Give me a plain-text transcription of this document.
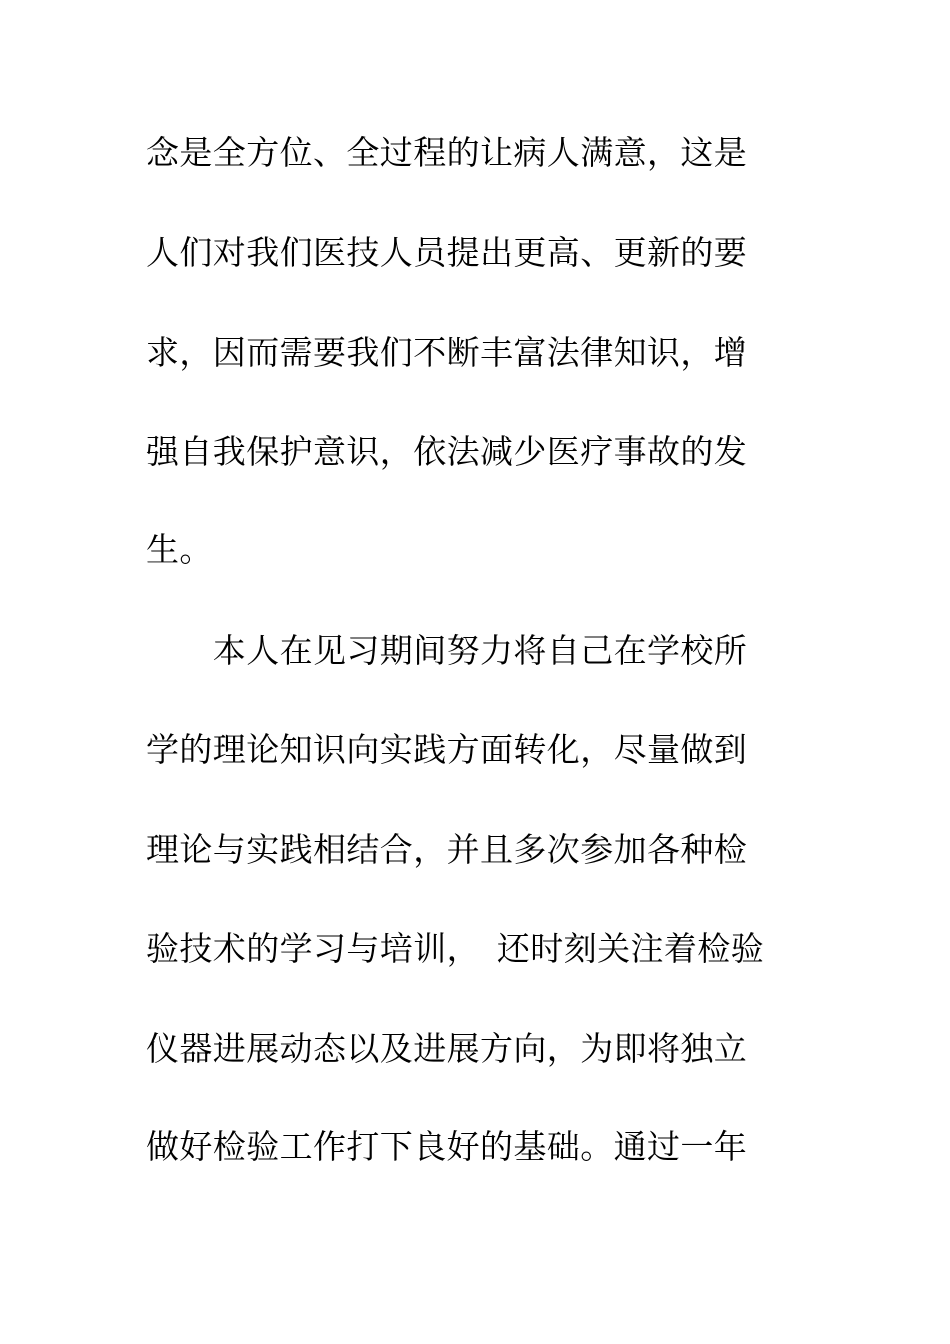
念是全方位、全过程的让病人满意，这是
人们对我们医技人员提出更高、更新的要
求，因而需要我们不断丰富法律知识，增
强自我保护意识，依法减少医疗事故的发
生。
　　本人在见习期间努力将自己在学校所
学的理论知识向实践方面转化，尽量做到
理论与实践相结合，并且多次参加各种检
验技术的学习与培训，　还时刻关注着检验
仪器进展动态以及进展方向，为即将独立
做好检验工作打下良好的基础。通过一年
